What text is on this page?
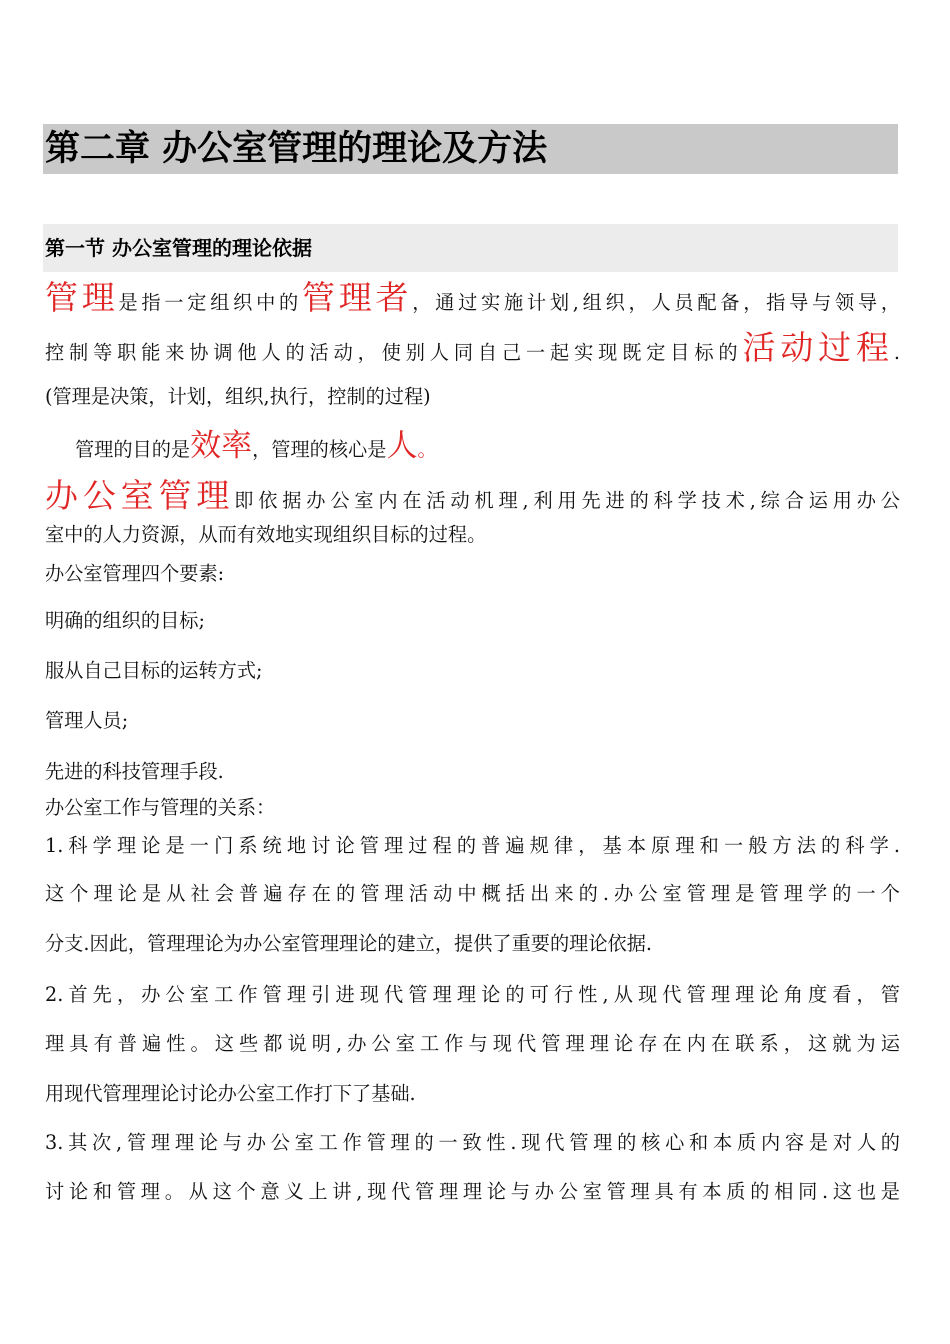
第二章 办公室管理的理论及方法
第一节 办公室管理的理论依据
管理是指一定组织中的管理者，通过实施计划,组织，人员配备，指导与领导，
控制等职能来协调他人的活动，使别人同自己一起实现既定目标的活动过程.
(管理是决策，计划，组织,执行，控制的过程)
管理的目的是效率，管理的核心是人。
办公室管理即依据办公室内在活动机理,利用先进的科学技术,综合运用办公
室中的人力资源，从而有效地实现组织目标的过程。
办公室管理四个要素:
明确的组织的目标;
服从自己目标的运转方式;
管理人员;
先进的科技管理手段.
办公室工作与管理的关系：
1.科学理论是一门系统地讨论管理过程的普遍规律，基本原理和一般方法的科学.
这个理论是从社会普遍存在的管理活动中概括出来的.办公室管理是管理学的一个
分支.因此，管理理论为办公室管理理论的建立，提供了重要的理论依据.
2.首先，办公室工作管理引进现代管理理论的可行性,从现代管理理论角度看，管
理具有普遍性。这些都说明,办公室工作与现代管理理论存在内在联系，这就为运
用现代管理理论讨论办公室工作打下了基础.
3.其次,管理理论与办公室工作管理的一致性.现代管理的核心和本质内容是对人的
讨论和管理。从这个意义上讲,现代管理理论与办公室管理具有本质的相同.这也是
